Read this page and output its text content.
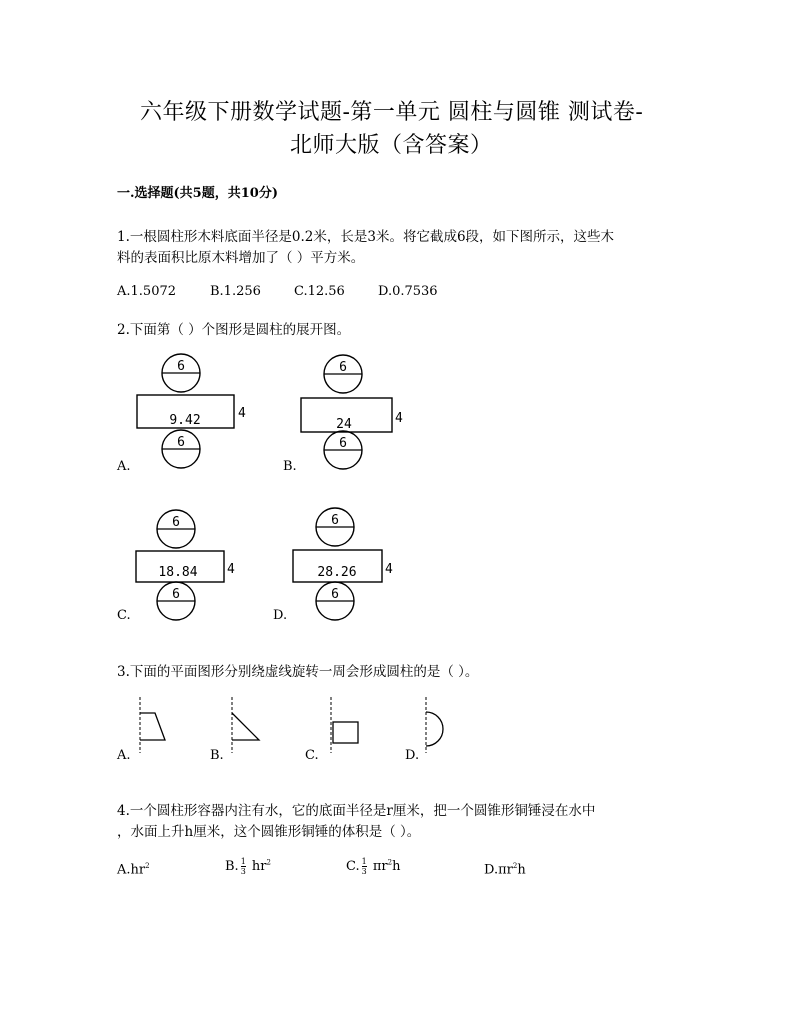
六年级下册数学试题-第一单元 圆柱与圆锥 测试卷-
北师大版（含答案）
一.选择题(共5题，共10分)
1.一根圆柱形木料底面半径是0.2米，长是3米。将它截成6段，如下图所示，这些木
料的表面积比原木料增加了（ ）平方米。
A.1.5072	B.1.256	C.12.56	D.0.7536
2.下面第（ ）个图形是圆柱的展开图。
6
9.42	4
6
A.
6
24	4
6
B.
6
18.84 4
6
C.
6
28.26 4
6
D.
3.下面的平面图形分别绕虚线旋转一周会形成圆柱的是（ ）。
A.	B.	C.	D.
4.一个圆柱形容器内注有水，它的底面半径是r厘米，把一个圆锥形铜锤浸在水中
，水面上升h厘米，这个圆锥形铜锤的体积是（ ）。
$A.hr^2$	B. $\frac{1}{3} hr^2$	C. $\frac{1}{3} \pi r^2h$	$D.\pi r^2h$
